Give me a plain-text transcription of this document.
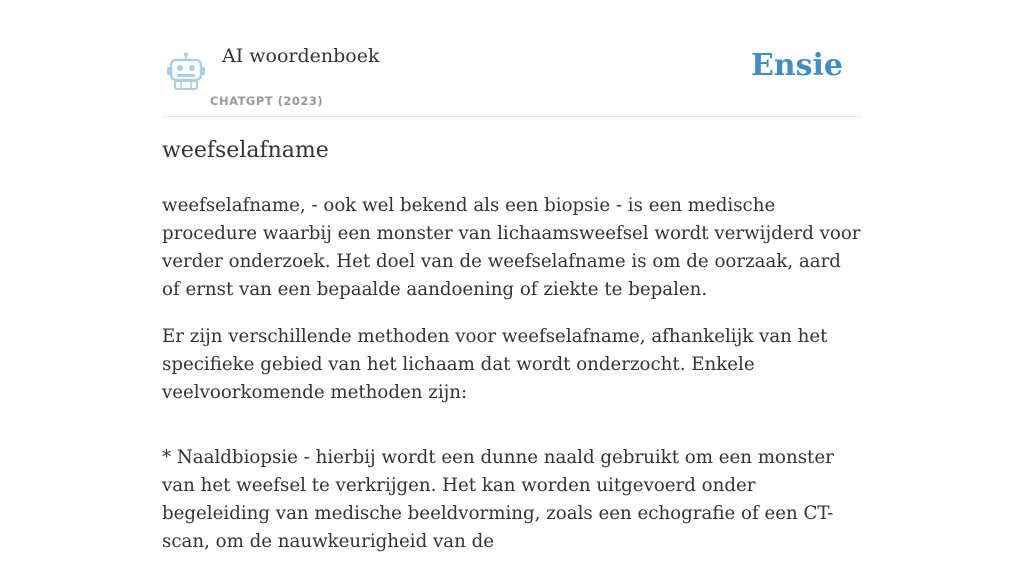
AI woordenboek
CHATGPT (2023)
Ensie
weefselafname

weefselafname, - ook wel bekend als een biopsie - is een medische procedure waarbij een monster van lichaamsweefsel wordt verwijderd voor verder onderzoek. Het doel van de weefselafname is om de oorzaak, aard of ernst van een bepaalde aandoening of ziekte te bepalen.

Er zijn verschillende methoden voor weefselafname, afhankelijk van het specifieke gebied van het lichaam dat wordt onderzocht. Enkele veelvoorkomende methoden zijn:

* Naaldbiopsie - hierbij wordt een dunne naald gebruikt om een monster van het weefsel te verkrijgen. Het kan worden uitgevoerd onder begeleiding van medische beeldvorming, zoals een echografie of een CT-scan, om de nauwkeurigheid van de
